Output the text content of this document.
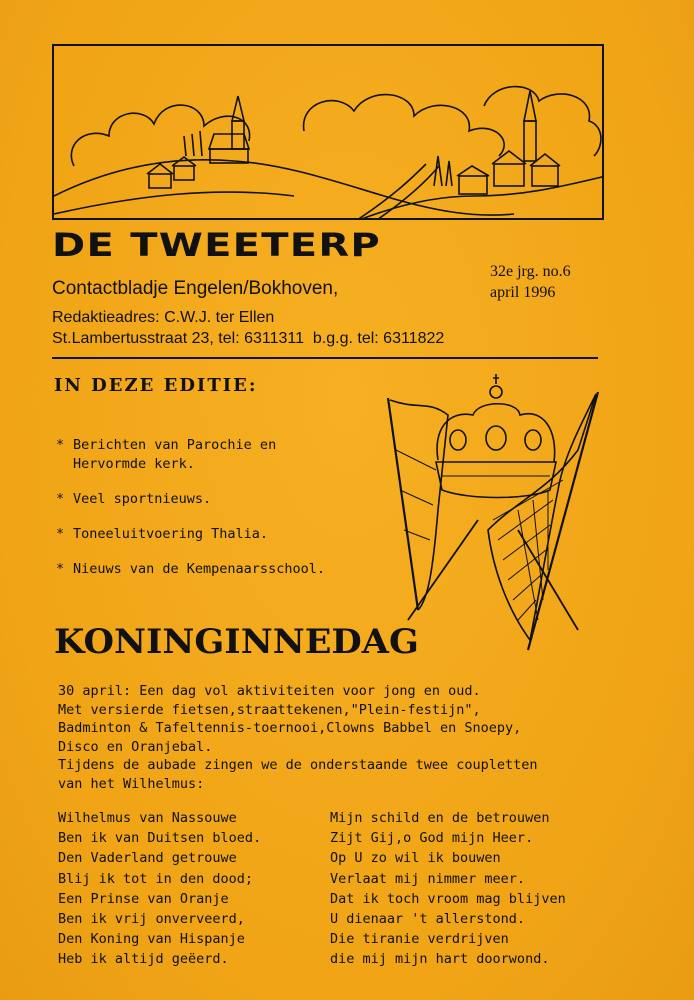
DE TWEETERP
Contactbladje Engelen/Bokhoven,
Redaktieadres: C.W.J. ter Ellen
St.Lambertusstraat 23, tel: 6311311  b.g.g. tel: 6311822
32e jrg. no.6
april 1996
IN DEZE EDITIE:
* Berichten van Parochie en
Hervormde kerk.
* Veel sportnieuws.
* Toneeluitvoering Thalia.
* Nieuws van de Kempenaarsschool.
KONINGINNEDAG
30 april: Een dag vol aktiviteiten voor jong en oud.
Met versierde fietsen,straattekenen,"Plein-festijn",
Badminton & Tafeltennis-toernooi,Clowns Babbel en Snoepy,
Disco en Oranjebal.
Tijdens de aubade zingen we de onderstaande twee coupletten
van het Wilhelmus:
Wilhelmus van Nassouwe
Ben ik van Duitsen bloed.
Den Vaderland getrouwe
Blij ik tot in den dood;
Een Prinse van Oranje
Ben ik vrij onverveerd,
Den Koning van Hispanje
Heb ik altijd geëerd.
Mijn schild en de betrouwen
Zijt Gij,o God mijn Heer.
Op U zo wil ik bouwen
Verlaat mij nimmer meer.
Dat ik toch vroom mag blijven
U dienaar 't allerstond.
Die tiranie verdrijven
die mij mijn hart doorwond.
